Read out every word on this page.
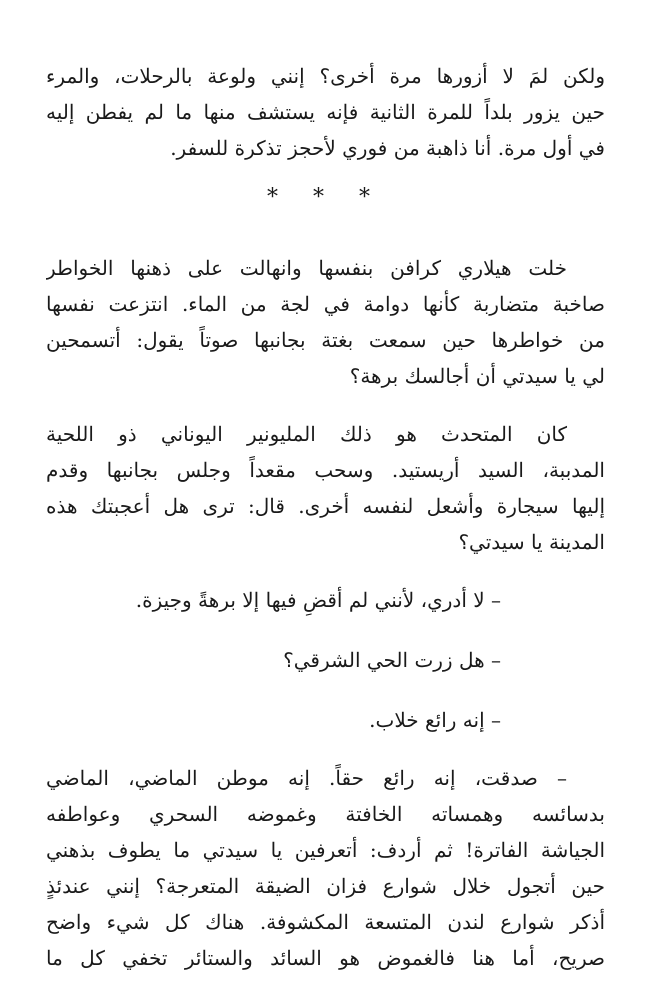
ولكن لمَ لا أزورها مرة أخرى؟ إنني ولوعة بالرحلات، والمرء
حين يزور بلداً للمرة الثانية فإنه يستشف منها ما لم يفطن إليه
في أول مرة. أنا ذاهبة من فوري لأحجز تذكرة للسفر.
* * *
خلت هيلاري كرافن بنفسها وانهالت على ذهنها الخواطر
صاخبة متضاربة كأنها دوامة في لجة من الماء. انتزعت نفسها
من خواطرها حين سمعت بغتة بجانبها صوتاً يقول: أتسمحين
لي يا سيدتي أن أجالسك برهة؟
كان المتحدث هو ذلك المليونير اليوناني ذو اللحية
المدببة، السيد أريستيد. وسحب مقعداً وجلس بجانبها وقدم
إليها سيجارة وأشعل لنفسه أخرى. قال: ترى هل أعجبتك هذه
المدينة يا سيدتي؟
– لا أدري، لأنني لم أقضِ فيها إلا برهةً وجيزة.
– هل زرت الحي الشرقي؟
– إنه رائع خلاب.
– صدقت، إنه رائع حقاً. إنه موطن الماضي، الماضي
بدسائسه وهمساته الخافتة وغموضه السحري وعواطفه
الجياشة الفاترة! ثم أردف: أتعرفين يا سيدتي ما يطوف بذهني
حين أتجول خلال شوارع فزان الضيقة المتعرجة؟ إنني عندئذٍ
أذكر شوارع لندن المتسعة المكشوفة. هناك كل شيء واضح
صريح، أما هنا فالغموض هو السائد والستائر تخفي كل ما
